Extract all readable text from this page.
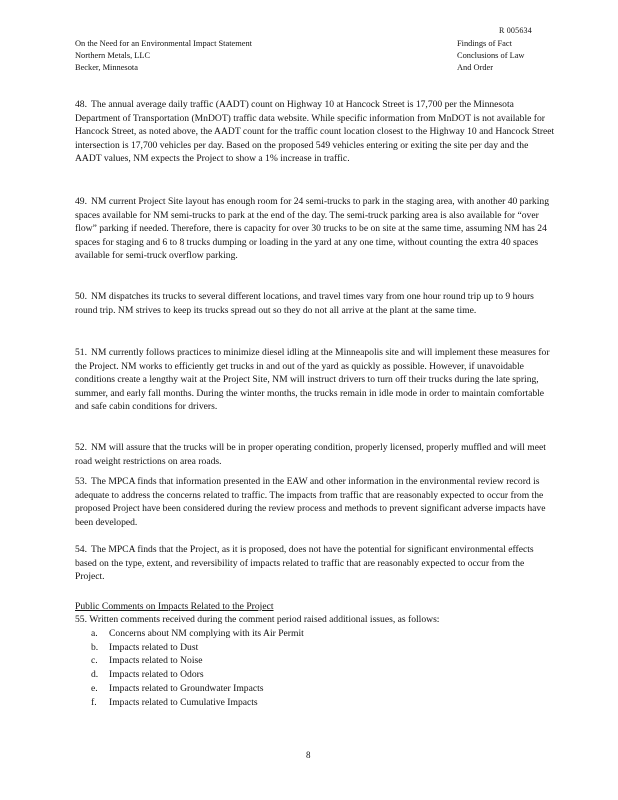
R 005634
On the Need for an Environmental Impact Statement
Northern Metals, LLC
Becker, Minnesota
Findings of Fact
Conclusions of Law
And Order
48. The annual average daily traffic (AADT) count on Highway 10 at Hancock Street is 17,700 per the Minnesota Department of Transportation (MnDOT) traffic data website. While specific information from MnDOT is not available for Hancock Street, as noted above, the AADT count for the traffic count location closest to the Highway 10 and Hancock Street intersection is 17,700 vehicles per day. Based on the proposed 549 vehicles entering or exiting the site per day and the AADT values, NM expects the Project to show a 1% increase in traffic.
49. NM current Project Site layout has enough room for 24 semi-trucks to park in the staging area, with another 40 parking spaces available for NM semi-trucks to park at the end of the day. The semi-truck parking area is also available for “over flow” parking if needed. Therefore, there is capacity for over 30 trucks to be on site at the same time, assuming NM has 24 spaces for staging and 6 to 8 trucks dumping or loading in the yard at any one time, without counting the extra 40 spaces available for semi-truck overflow parking.
50. NM dispatches its trucks to several different locations, and travel times vary from one hour round trip up to 9 hours round trip. NM strives to keep its trucks spread out so they do not all arrive at the plant at the same time.
51. NM currently follows practices to minimize diesel idling at the Minneapolis site and will implement these measures for the Project. NM works to efficiently get trucks in and out of the yard as quickly as possible. However, if unavoidable conditions create a lengthy wait at the Project Site, NM will instruct drivers to turn off their trucks during the late spring, summer, and early fall months. During the winter months, the trucks remain in idle mode in order to maintain comfortable and safe cabin conditions for drivers.
52. NM will assure that the trucks will be in proper operating condition, properly licensed, properly muffled and will meet road weight restrictions on area roads.
53. The MPCA finds that information presented in the EAW and other information in the environmental review record is adequate to address the concerns related to traffic. The impacts from traffic that are reasonably expected to occur from the proposed Project have been considered during the review process and methods to prevent significant adverse impacts have been developed.
54. The MPCA finds that the Project, as it is proposed, does not have the potential for significant environmental effects based on the type, extent, and reversibility of impacts related to traffic that are reasonably expected to occur from the Project.
Public Comments on Impacts Related to the Project
55. Written comments received during the comment period raised additional issues, as follows:
a. Concerns about NM complying with its Air Permit
b. Impacts related to Dust
c. Impacts related to Noise
d. Impacts related to Odors
e. Impacts related to Groundwater Impacts
f. Impacts related to Cumulative Impacts
8
